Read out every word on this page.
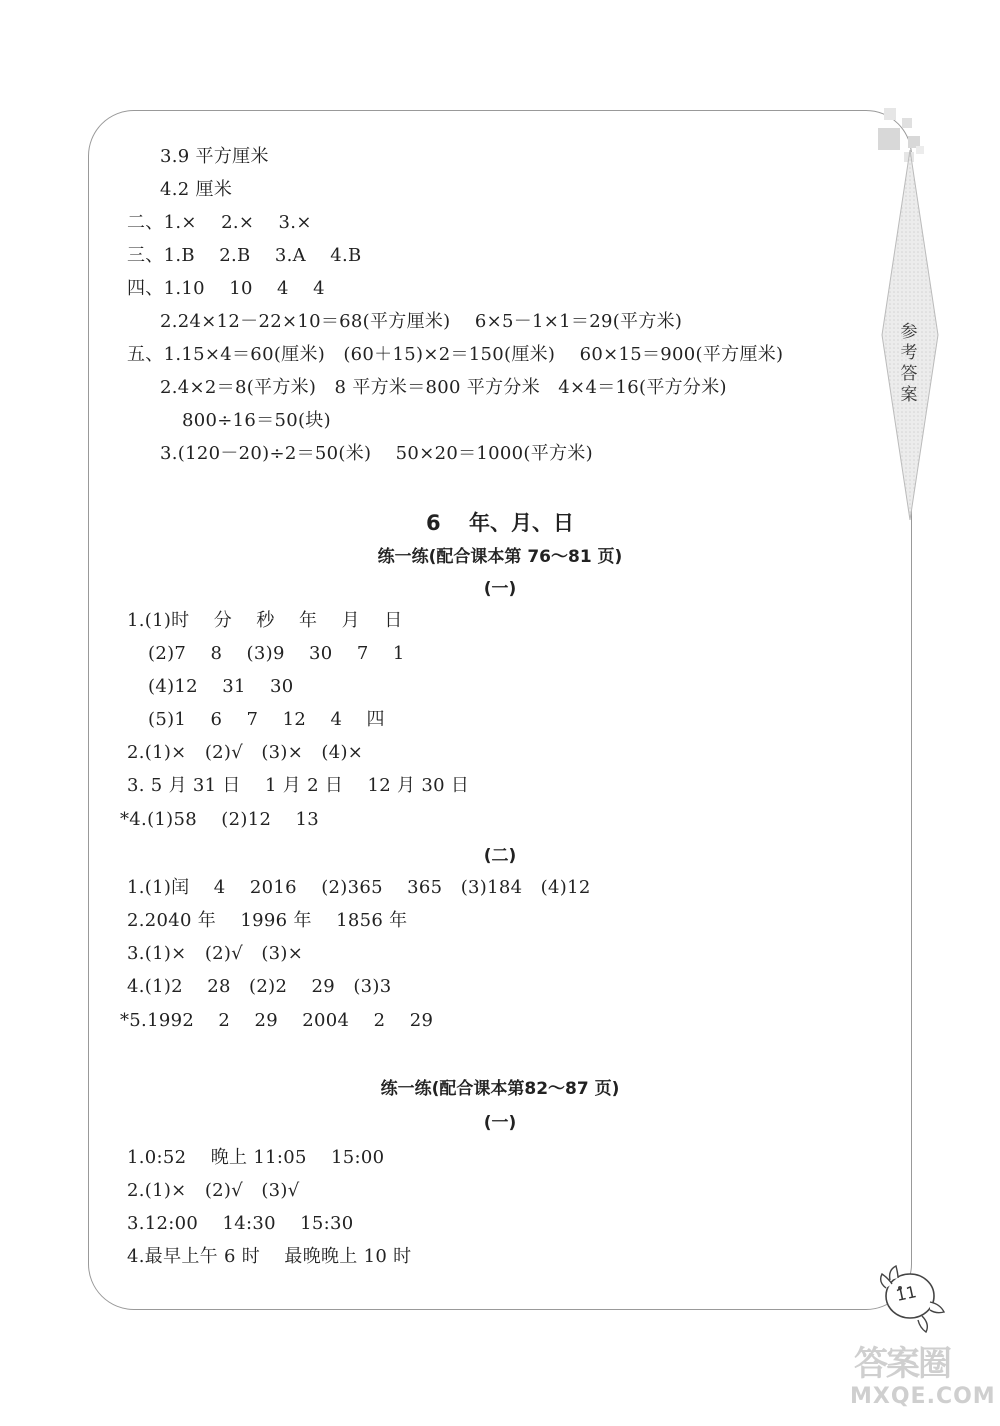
参考答案
3.9 平方厘米
4.2 厘米
二、1.×　 2.×　 3.×
三、1.B　 2.B　 3.A　 4.B
四、1.10　 10　 4　 4
2.24×12－22×10＝68(平方厘米)　 6×5－1×1＝29(平方米)
五、1.15×4＝60(厘米)　(60＋15)×2＝150(厘米)　 60×15＝900(平方厘米)
2.4×2＝8(平方米)　8 平方米＝800 平方分米　4×4＝16(平方分米)
800÷16＝50(块)
3.(120－20)÷2＝50(米)　 50×20＝1000(平方米)
6　 年、月、日
练一练(配合课本第 76～81 页)
(一)
1.(1)时　 分　 秒　 年　 月　 日
(2)7　 8　 (3)9　 30　 7　 1
(4)12　 31　 30
(5)1　 6　 7　 12　 4　 四
2.(1)×　(2)√　(3)×　(4)×
3. 5 月 31 日　 1 月 2 日　 12 月 30 日
*4.(1)58　 (2)12　 13
(二)
1.(1)闰　 4　 2016　 (2)365　 365　(3)184　(4)12
2.2040 年　 1996 年　 1856 年
3.(1)×　(2)√　(3)×
4.(1)2　 28　(2)2　 29　(3)3
*5.1992　 2　 29　 2004　 2　 29
练一练(配合课本第82～87 页)
(一)
1.0:52　 晚上 11:05　 15:00
2.(1)×　(2)√　(3)√
3.12:00　 14:30　 15:30
4.最早上午 6 时　 最晚晚上 10 时
11
答案圈
MXQE.COM
